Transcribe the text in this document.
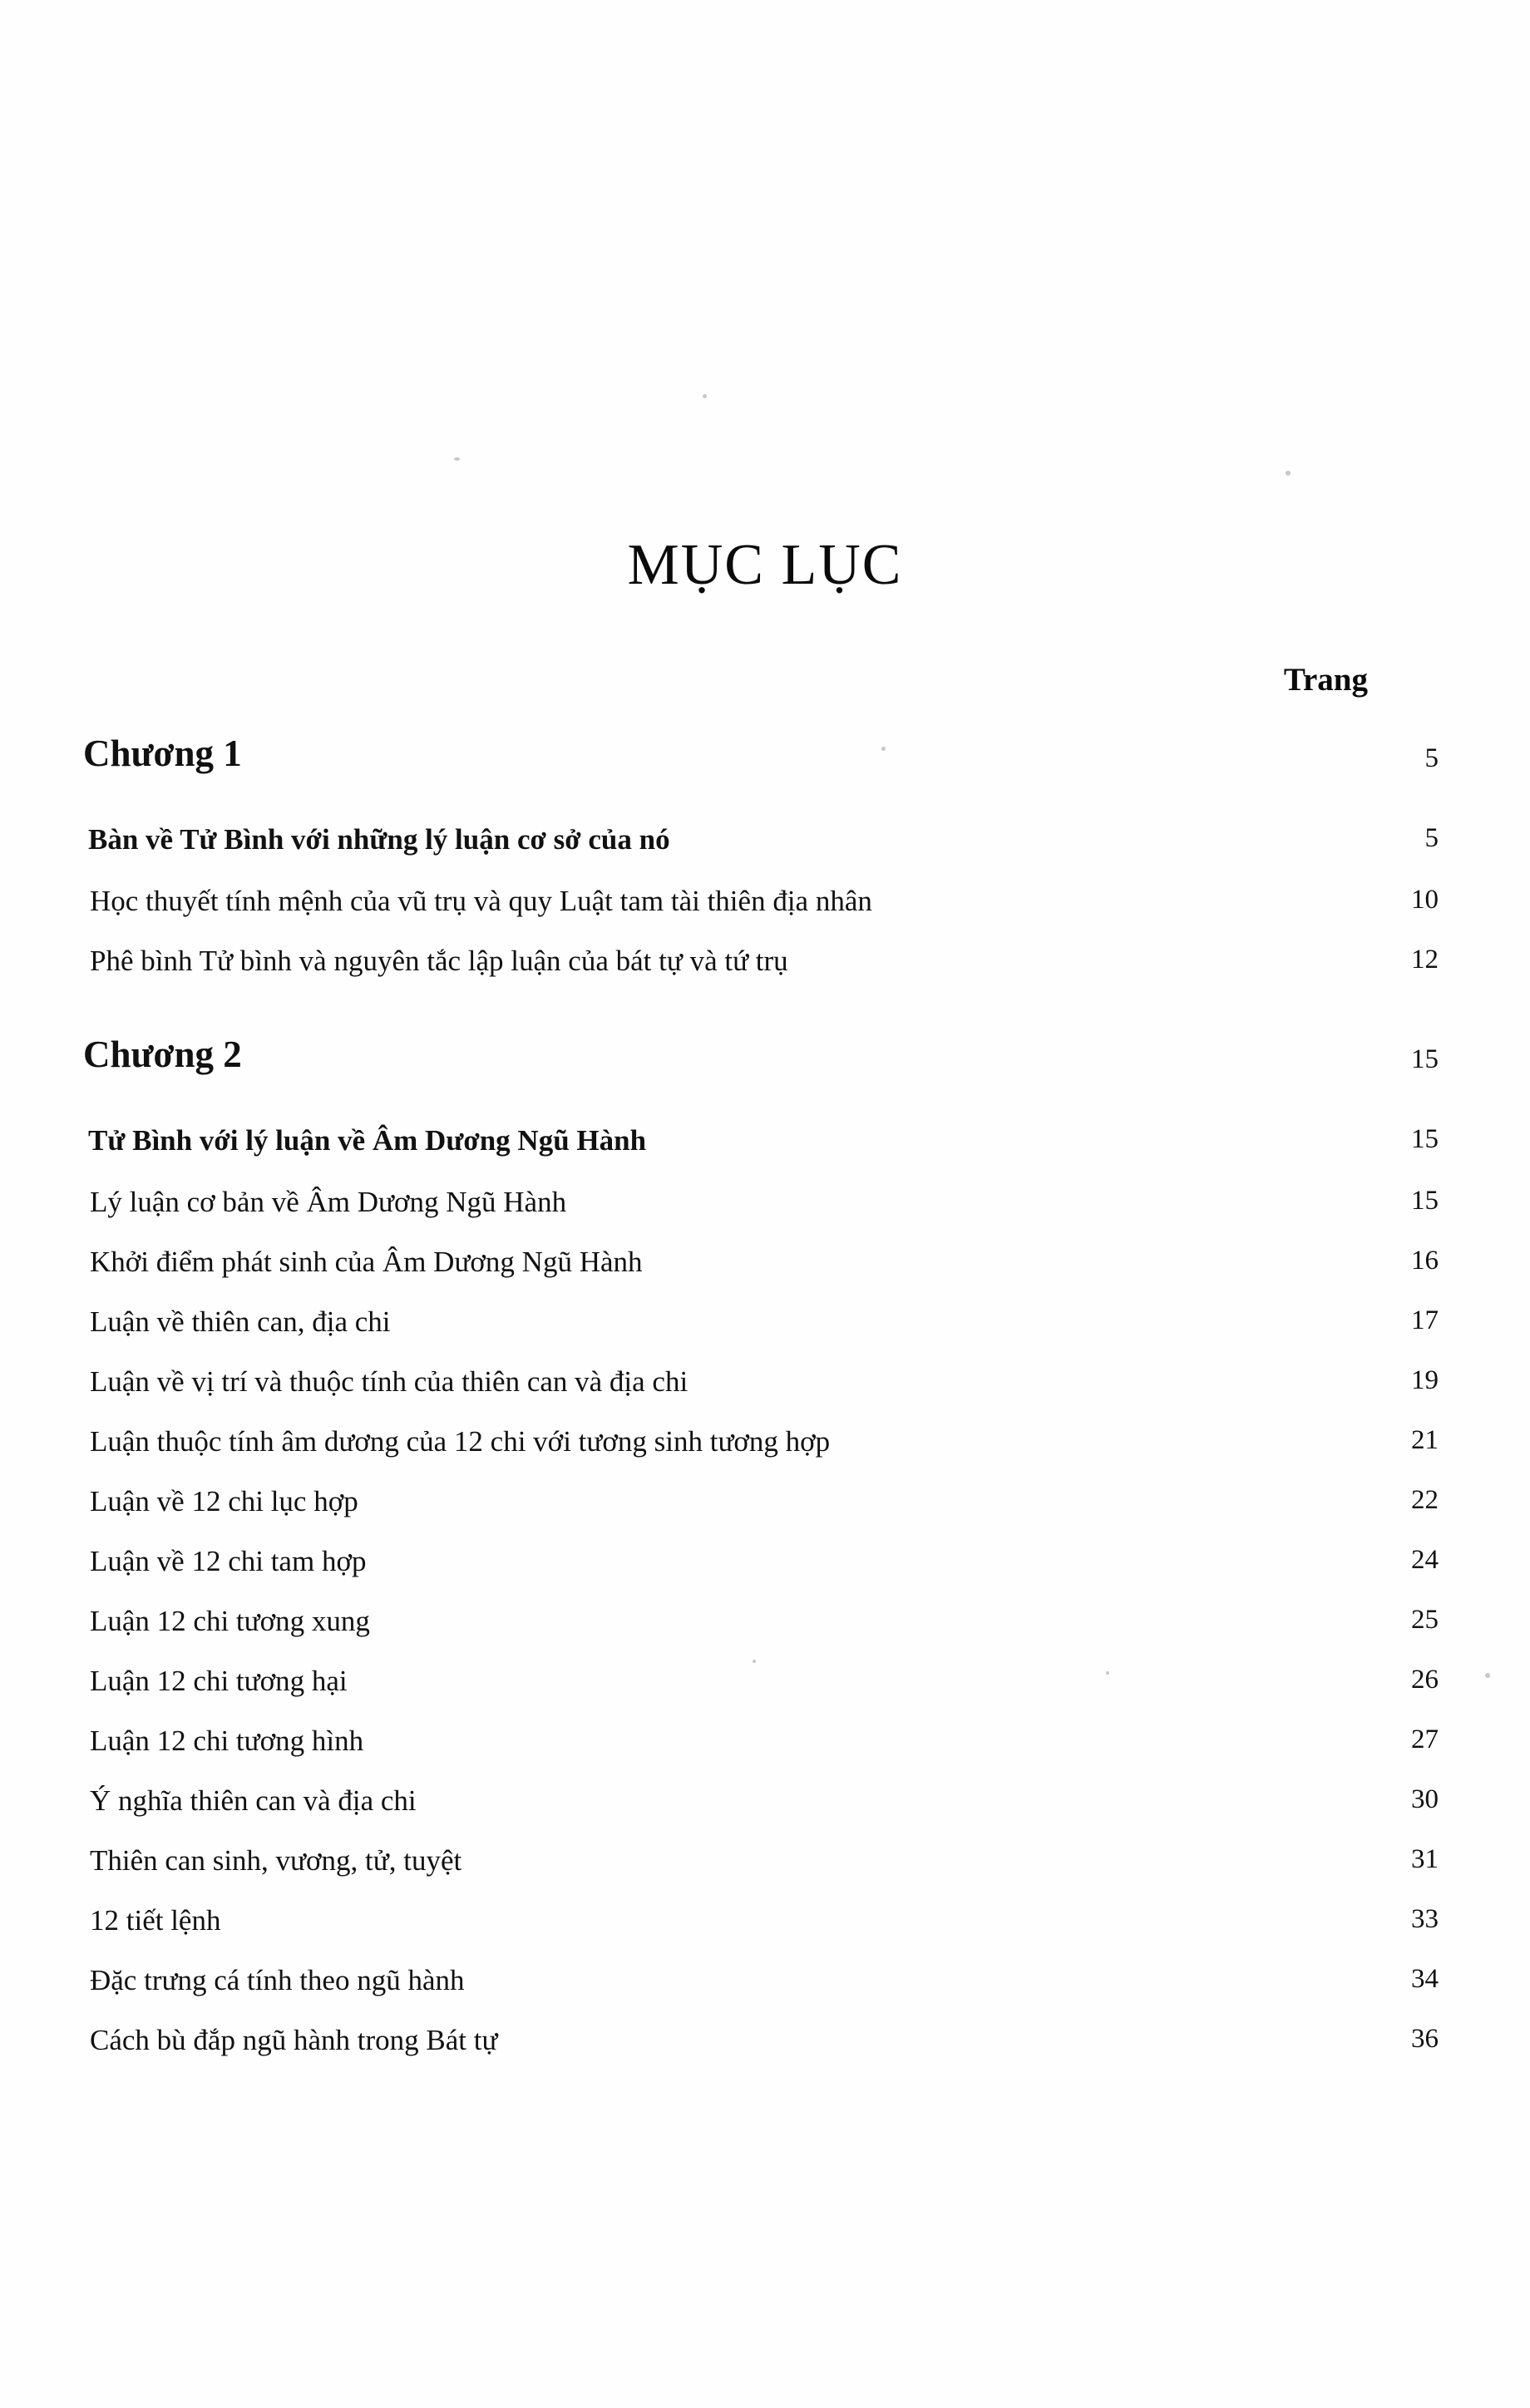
MỤC LỤC
Trang
Chương 1	5
Bàn về Tử Bình với những lý luận cơ sở của nó	5
Học thuyết tính mệnh của vũ trụ và quy Luật tam tài thiên địa nhân	10
Phê bình Tử bình và nguyên tắc lập luận của bát tự và tứ trụ	12
Chương 2	15
Tử Bình với lý luận về Âm Dương Ngũ Hành	15
Lý luận cơ bản về Âm Dương Ngũ Hành	15
Khởi điểm phát sinh của Âm Dương Ngũ Hành	16
Luận về thiên can, địa chi	17
Luận về vị trí và thuộc tính của thiên can và địa chi	19
Luận thuộc tính âm dương của 12 chi với tương sinh tương hợp	21
Luận về 12 chi lục hợp	22
Luận về 12 chi tam hợp	24
Luận 12 chi tương xung	25
Luận 12 chi tương hại	26
Luận 12 chi tương hình	27
Ý nghĩa thiên can và địa chi	30
Thiên can sinh, vương, tử, tuyệt	31
12 tiết lệnh	33
Đặc trưng cá tính theo ngũ hành	34
Cách bù đắp ngũ hành trong Bát tự	36
